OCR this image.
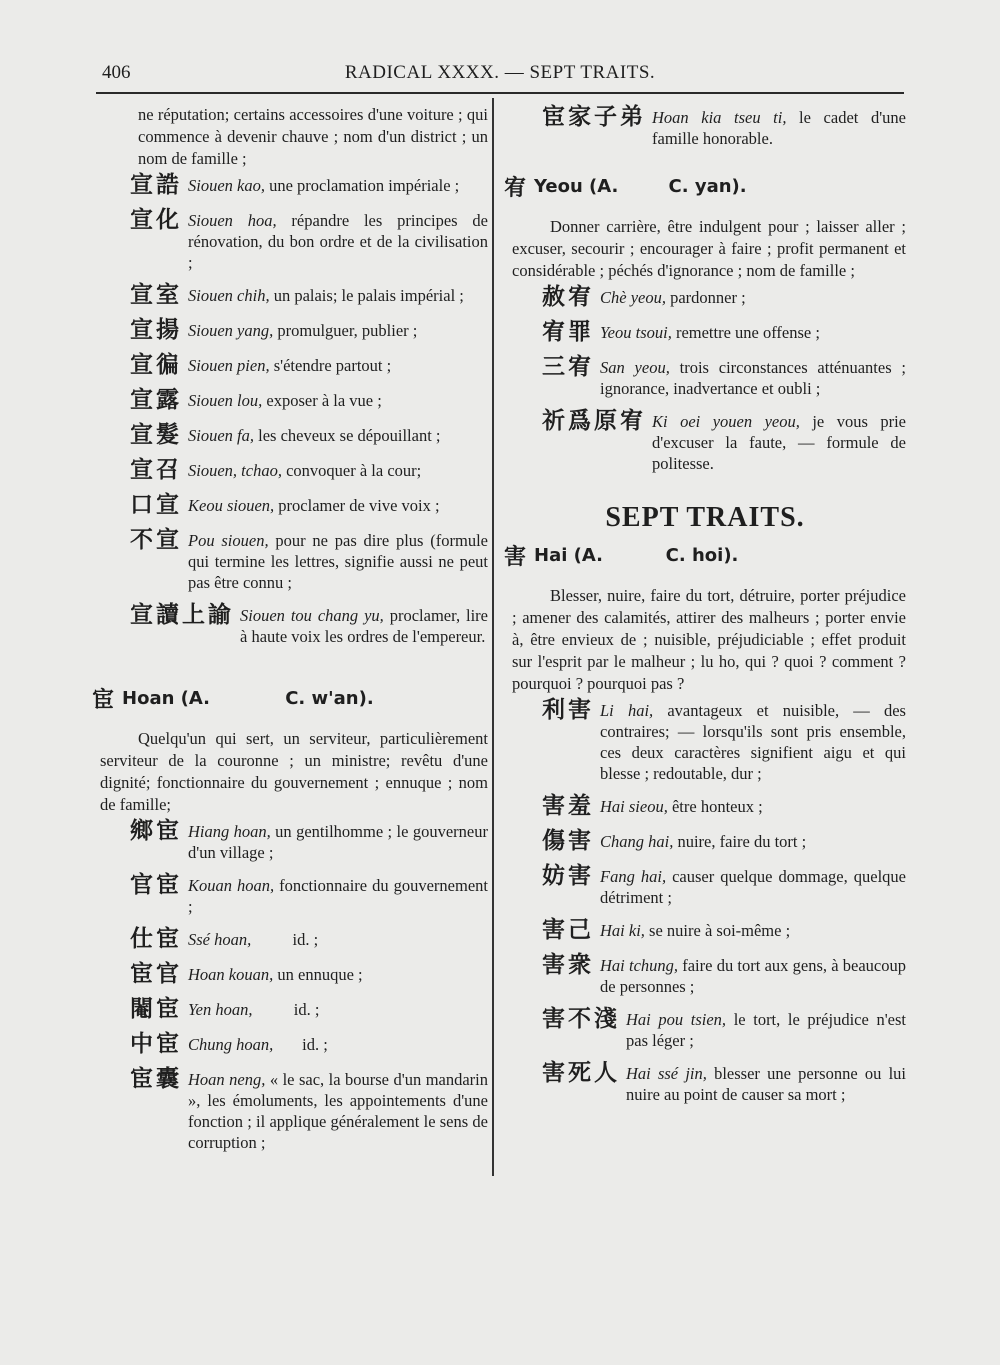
406	RADICAL XXXX. — SEPT TRAITS.

ne réputation; certains accessoires d'une voiture ; qui commence à devenir chauve ; nom d'un district ; un nom de famille ;

宣誥 Siouen kao, une proclamation impériale ;
宣化 Siouen hoa, répandre les principes de rénovation, du bon ordre et de la civilisation ;
宣室 Siouen chih, un palais; le palais impérial ;
宣揚 Siouen yang, promulguer, publier ;
宣徧 Siouen pien, s'étendre partout ;
宣露 Siouen lou, exposer à la vue ;
宣髮 Siouen fa, les cheveux se dépouillant ;
宣召 Siouen, tchao, convoquer à la cour;
口宣 Keou siouen, proclamer de vive voix ;
不宣 Pou siouen, pour ne pas dire plus (formule qui termine les lettres, signifie aussi ne peut pas être connu ;
宣讀上諭 Siouen tou chang yu, proclamer, lire à haute voix les ordres de l'empereur.
宦 Hoan (A.            C. w'an).

Quelqu'un qui sert, un serviteur, particulièrement serviteur de la couronne ; un ministre; revêtu d'une dignité; fonctionnaire du gouvernement ; ennuque ; nom de famille;

鄉宦 Hiang hoan, un gentilhomme ; le gouverneur d'un village ;
官宦 Kouan hoan, fonctionnaire du gouvernement ;
仕宦 Ssé hoan,          id. ;
宦官 Hoan kouan, un ennuque ;
閹宦 Yen hoan,          id. ;
中宦 Chung hoan,       id. ;
宦囊 Hoan neng, « le sac, la bourse d'un mandarin », les émoluments, les appointements d'une fonction ; il applique généralement le sens de corruption ;
宦家子弟 Hoan kia tseu ti, le cadet d'une famille honorable.
宥 Yeou (A.        C. yan).

Donner carrière, être indulgent pour ; laisser aller ; excuser, secourir ; encourager à faire ; profit permanent et considérable ; péchés d'ignorance ; nom de famille ;

赦宥 Chè yeou, pardonner ;
宥罪 Yeou tsoui, remettre une offense ;
三宥 San yeou, trois circonstances atténuantes ; ignorance, inadvertance et oubli ;
祈爲原宥 Ki oei youen yeou, je vous prie d'excuser la faute, — formule de politesse.
SEPT TRAITS.
害 Hai (A.          C. hoi).

Blesser, nuire, faire du tort, détruire, porter préjudice ; amener des calamités, attirer des malheurs ; porter envie à, être envieux de ; nuisible, préjudiciable ; effet produit sur l'esprit par le malheur ; lu ho, qui ? quoi ? comment ? pourquoi ? pourquoi pas ?

利害 Li hai, avantageux et nuisible, — des contraires; — lorsqu'ils sont pris ensemble, ces deux caractères signifient aigu et qui blesse ; redoutable, dur ;
害羞 Hai sieou, être honteux ;
傷害 Chang hai, nuire, faire du tort ;
妨害 Fang hai, causer quelque dommage, quelque détriment ;
害己 Hai ki, se nuire à soi-même ;
害衆 Hai tchung, faire du tort aux gens, à beaucoup de personnes ;
害不淺 Hai pou tsien, le tort, le préjudice n'est pas léger ;
害死人 Hai ssé jin, blesser une personne ou lui nuire au point de causer sa mort ;
